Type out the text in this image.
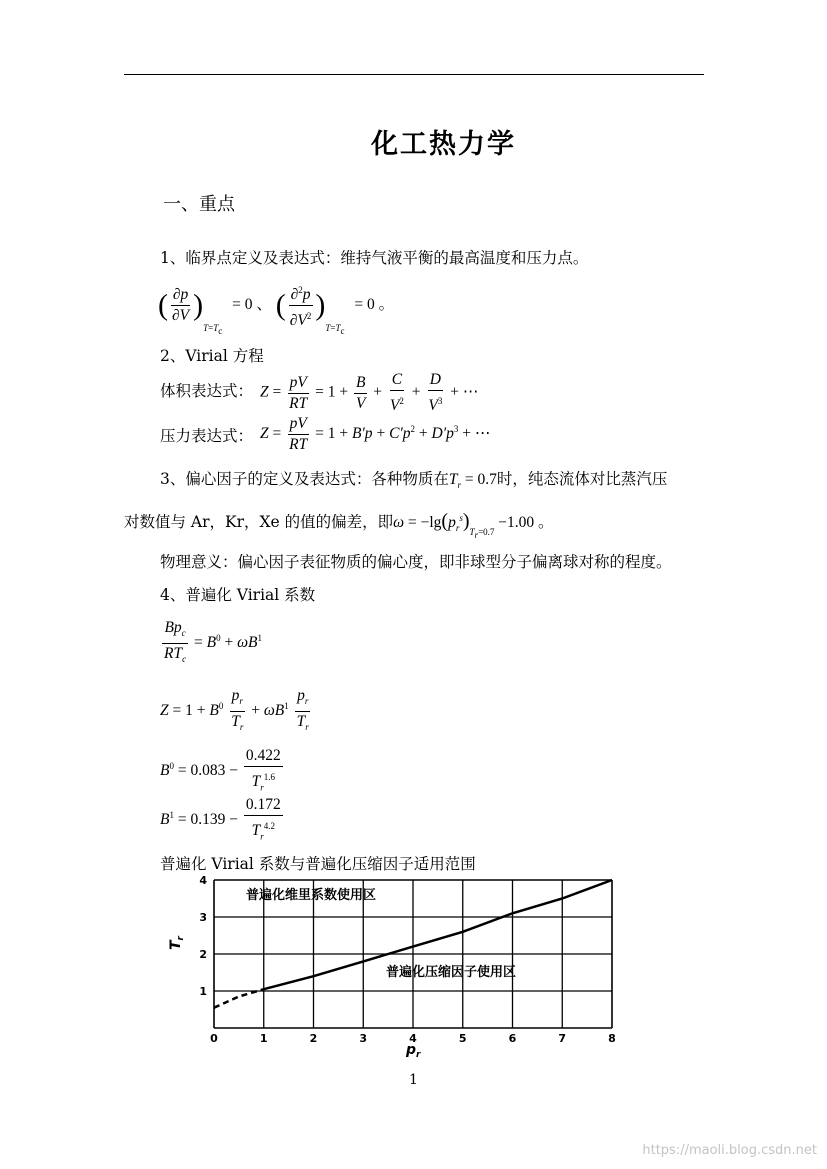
化工热力学
一、重点
1、临界点定义及表达式：维持气液平衡的最高温度和压力点。
( $\frac{\partial p}{\partial V} )_{T=T_c} = 0$ 、 ( $\frac{\partial^2p}{\partial V^2} )_{T=T_c} = 0$ 。
2、Virial 方程
体积表达式： $Z = \frac{pV}{RT} = 1 + \frac{B}{V} + \frac{C}{V^2} + \frac{D}{V^3}$ + ⋯
压力表达式： $Z = \frac{pV}{RT} = 1 + B'p + C'p^2 + D'p^3$ + ⋯
3、偏心因子的定义及表达式：各种物质在$T_r = 0.7$时，纯态流体对比蒸汽压
对数值与 Ar，Kr，Xe 的值的偏差，即$\omega = -\lg(p_r^s)_{T_r=0.7} -1.00$ 。
物理意义：偏心因子表征物质的偏心度，即非球型分子偏离球对称的程度。
4、普遍化 Virial 系数
$\frac{Bp_c}{RT_c} = B^0 + \omega B^1$
$Z = 1 + B^0 \frac{p_r}{T_r} + \omega B^1 \frac{p_r}{T_r}$
$B^0 = 0.083 - \frac{0.422}{T_r^{1.6}}$
$B^1 = 0.139 - \frac{0.172}{T_r^{4.2}}$
普遍化 Virial 系数与普遍化压缩因子适用范围
0	1	2	3	4	5	6	7	8
1
2
3
4
普遍化维里系数使用区
普遍化压缩因子使用区
$T_r$
$p_r$
1
https://maoli.blog.csdn.net
